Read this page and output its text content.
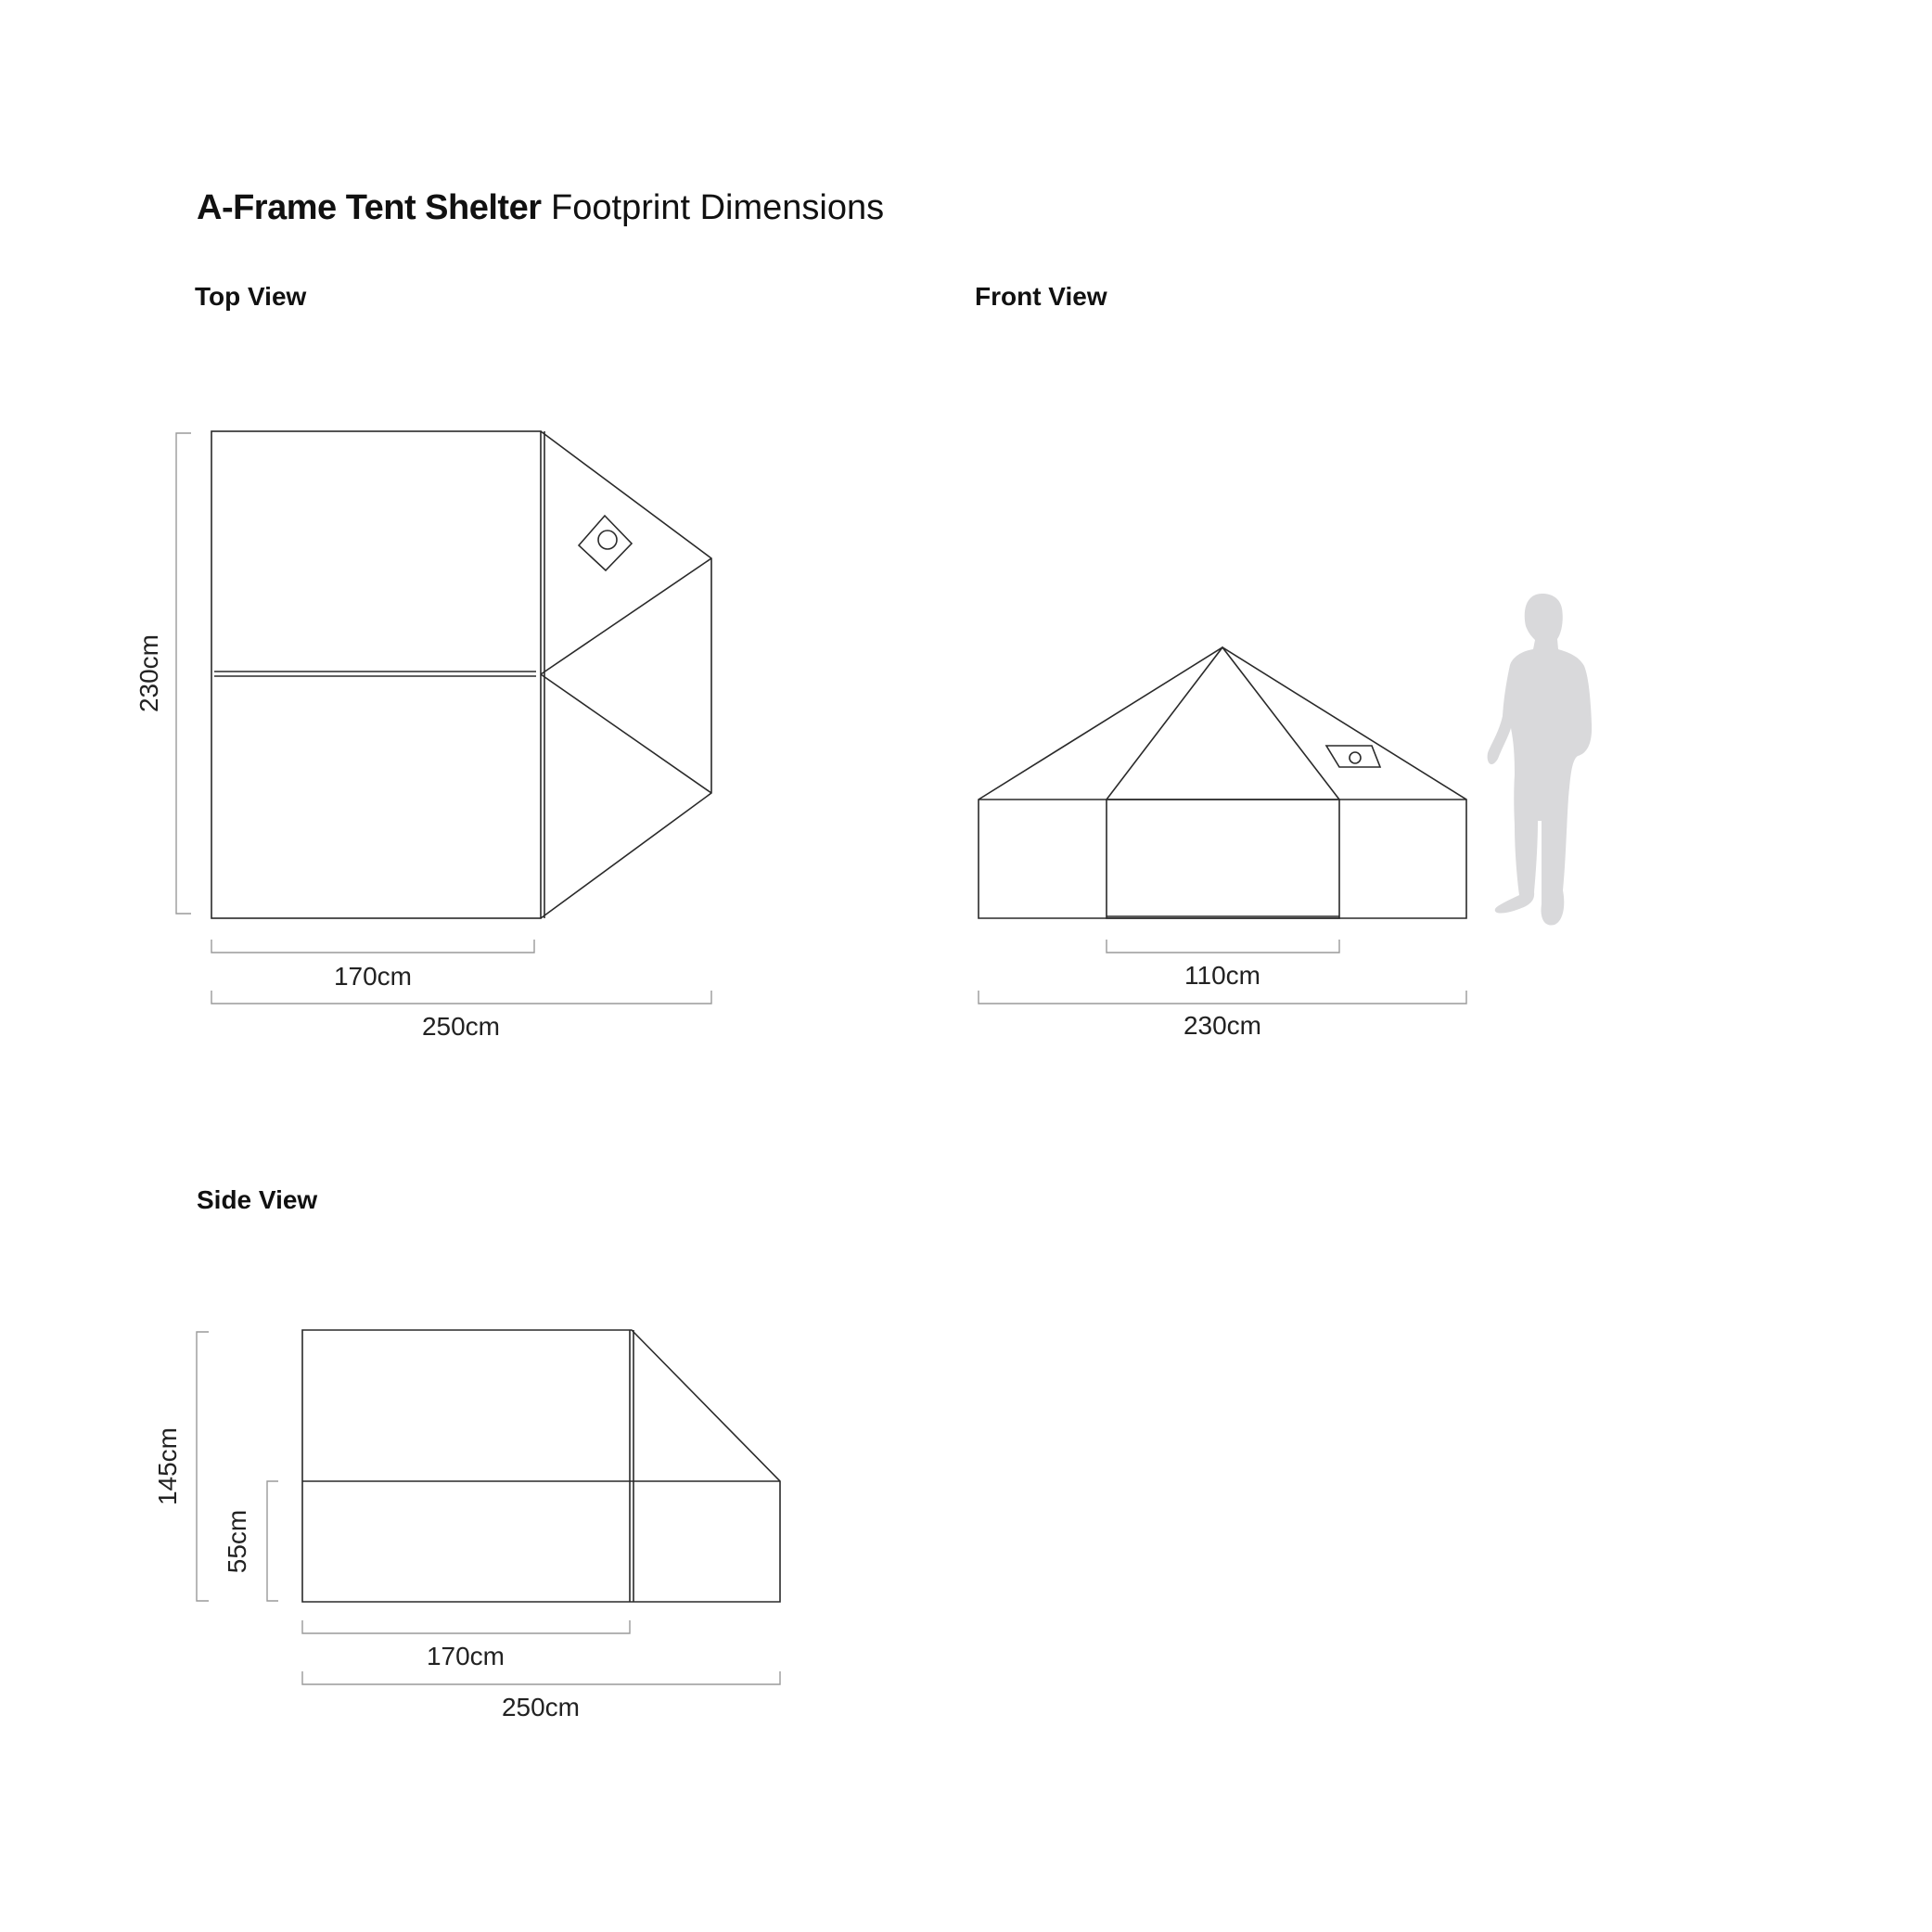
A-Frame Tent Shelter Footprint Dimensions
Top View	Front View
Side View
230cm
170cm
250cm
110cm
230cm
145cm
55cm
170cm
250cm
